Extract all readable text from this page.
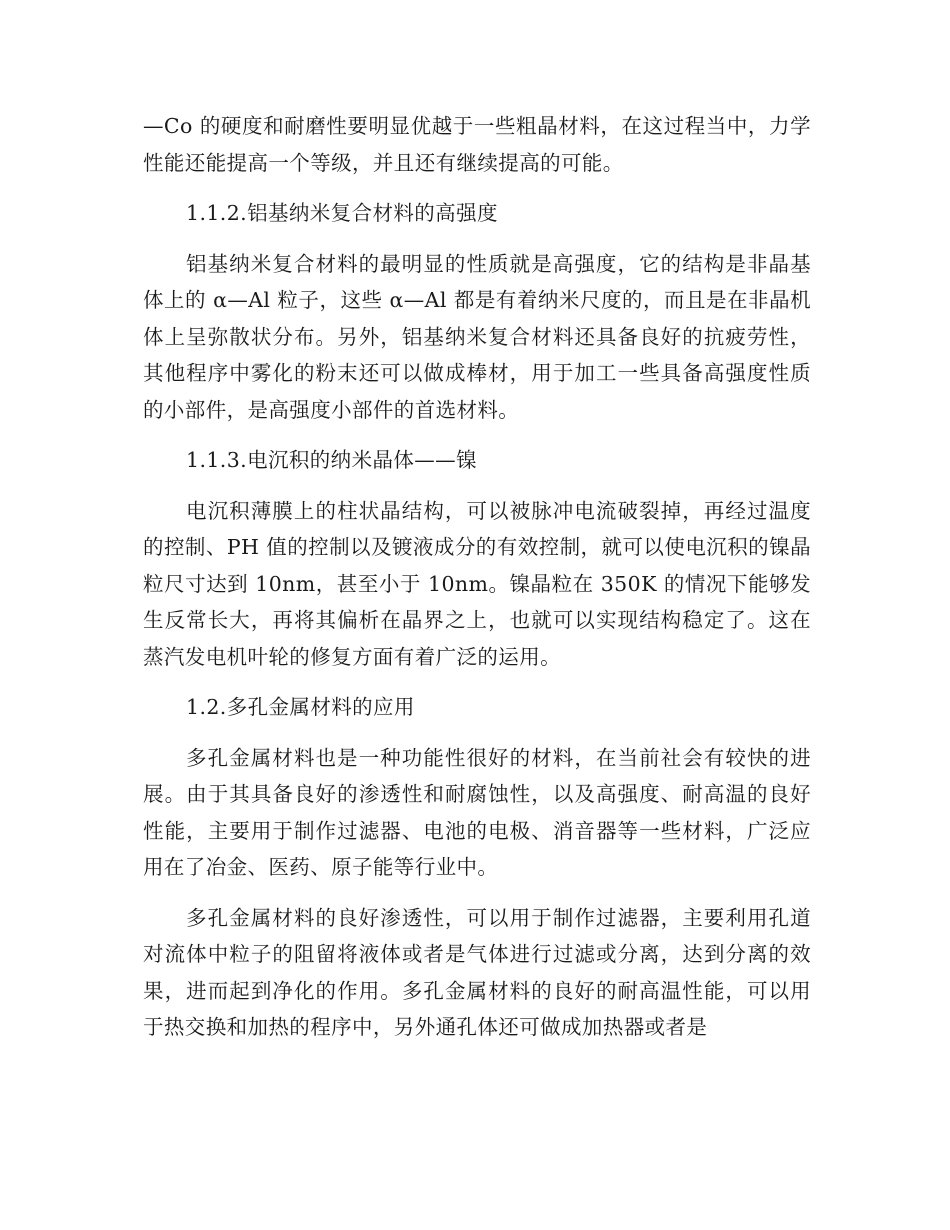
—Co 的硬度和耐磨性要明显优越于一些粗晶材料，在这过程当中，力学性能还能提高一个等级，并且还有继续提高的可能。

1.1.2.铝基纳米复合材料的高强度

铝基纳米复合材料的最明显的性质就是高强度，它的结构是非晶基体上的 α—Al 粒子，这些 α—Al 都是有着纳米尺度的，而且是在非晶机体上呈弥散状分布。另外，铝基纳米复合材料还具备良好的抗疲劳性，其他程序中雾化的粉末还可以做成棒材，用于加工一些具备高强度性质的小部件，是高强度小部件的首选材料。

1.1.3.电沉积的纳米晶体——镍

电沉积薄膜上的柱状晶结构，可以被脉冲电流破裂掉，再经过温度的控制、PH 值的控制以及镀液成分的有效控制，就可以使电沉积的镍晶粒尺寸达到 10nm，甚至小于 10nm。镍晶粒在 350K 的情况下能够发生反常长大，再将其偏析在晶界之上，也就可以实现结构稳定了。这在蒸汽发电机叶轮的修复方面有着广泛的运用。

1.2.多孔金属材料的应用

多孔金属材料也是一种功能性很好的材料，在当前社会有较快的进展。由于其具备良好的渗透性和耐腐蚀性，以及高强度、耐高温的良好性能，主要用于制作过滤器、电池的电极、消音器等一些材料，广泛应用在了冶金、医药、原子能等行业中。

多孔金属材料的良好渗透性，可以用于制作过滤器，主要利用孔道对流体中粒子的阻留将液体或者是气体进行过滤或分离，达到分离的效果，进而起到净化的作用。多孔金属材料的良好的耐高温性能，可以用于热交换和加热的程序中，另外通孔体还可做成加热器或者是
